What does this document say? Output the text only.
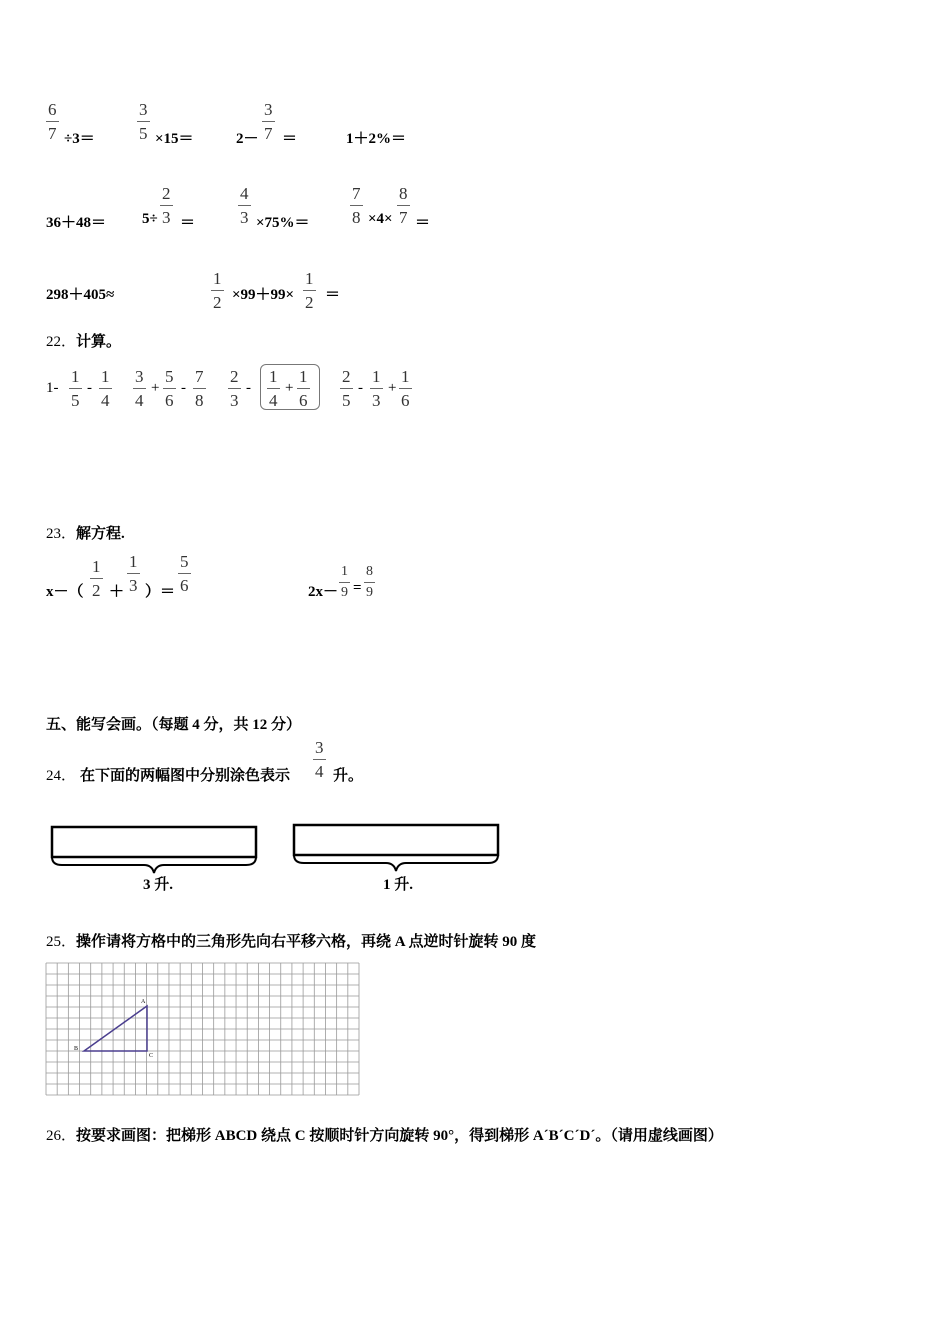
$\frac{6}{7} \div 3= \frac{3}{5} \times 15=$	$2- \frac{3}{7}$ ＝	1＋2%＝
$36+48= 5\div \frac{2}{3}$ ＝	$\frac{4}{3} \times 75\%= \frac{7}{8} \times 4\times \frac{8}{7}$ ＝
298＋405≈	$\frac{1}{2} \times 99+99\times \frac{1}{2}$ ＝
22．计算。
$1- \frac{1}{5} - \frac{1}{4} \frac{3}{4} + \frac{5}{6} - \frac{7}{8} \frac{2}{3} - \frac{1}{4} + \frac{1}{6} \frac{2}{5} - \frac{1}{3} + \frac{1}{6}$
23．解方程.
$x-( \frac{1}{2} + \frac{1}{3}$ ）＝ $\frac{5}{6}$	$2x- \frac{1}{9} = \frac{8}{9}$
五、能写会画。（每题 4 分，共 12 分）
24． 在下面的两幅图中分别涂色表示 $\frac{3}{4}$ 升。
3 升.	1 升.
25．操作请将方格中的三角形先向右平移六格，再绕 A 点逆时针旋转 90 度
A
B
C
26．按要求画图：把梯形 ABCD 绕点 C 按顺时针方向旋转 90°，得到梯形 A´B´C´D´。（请用虚线画图）
